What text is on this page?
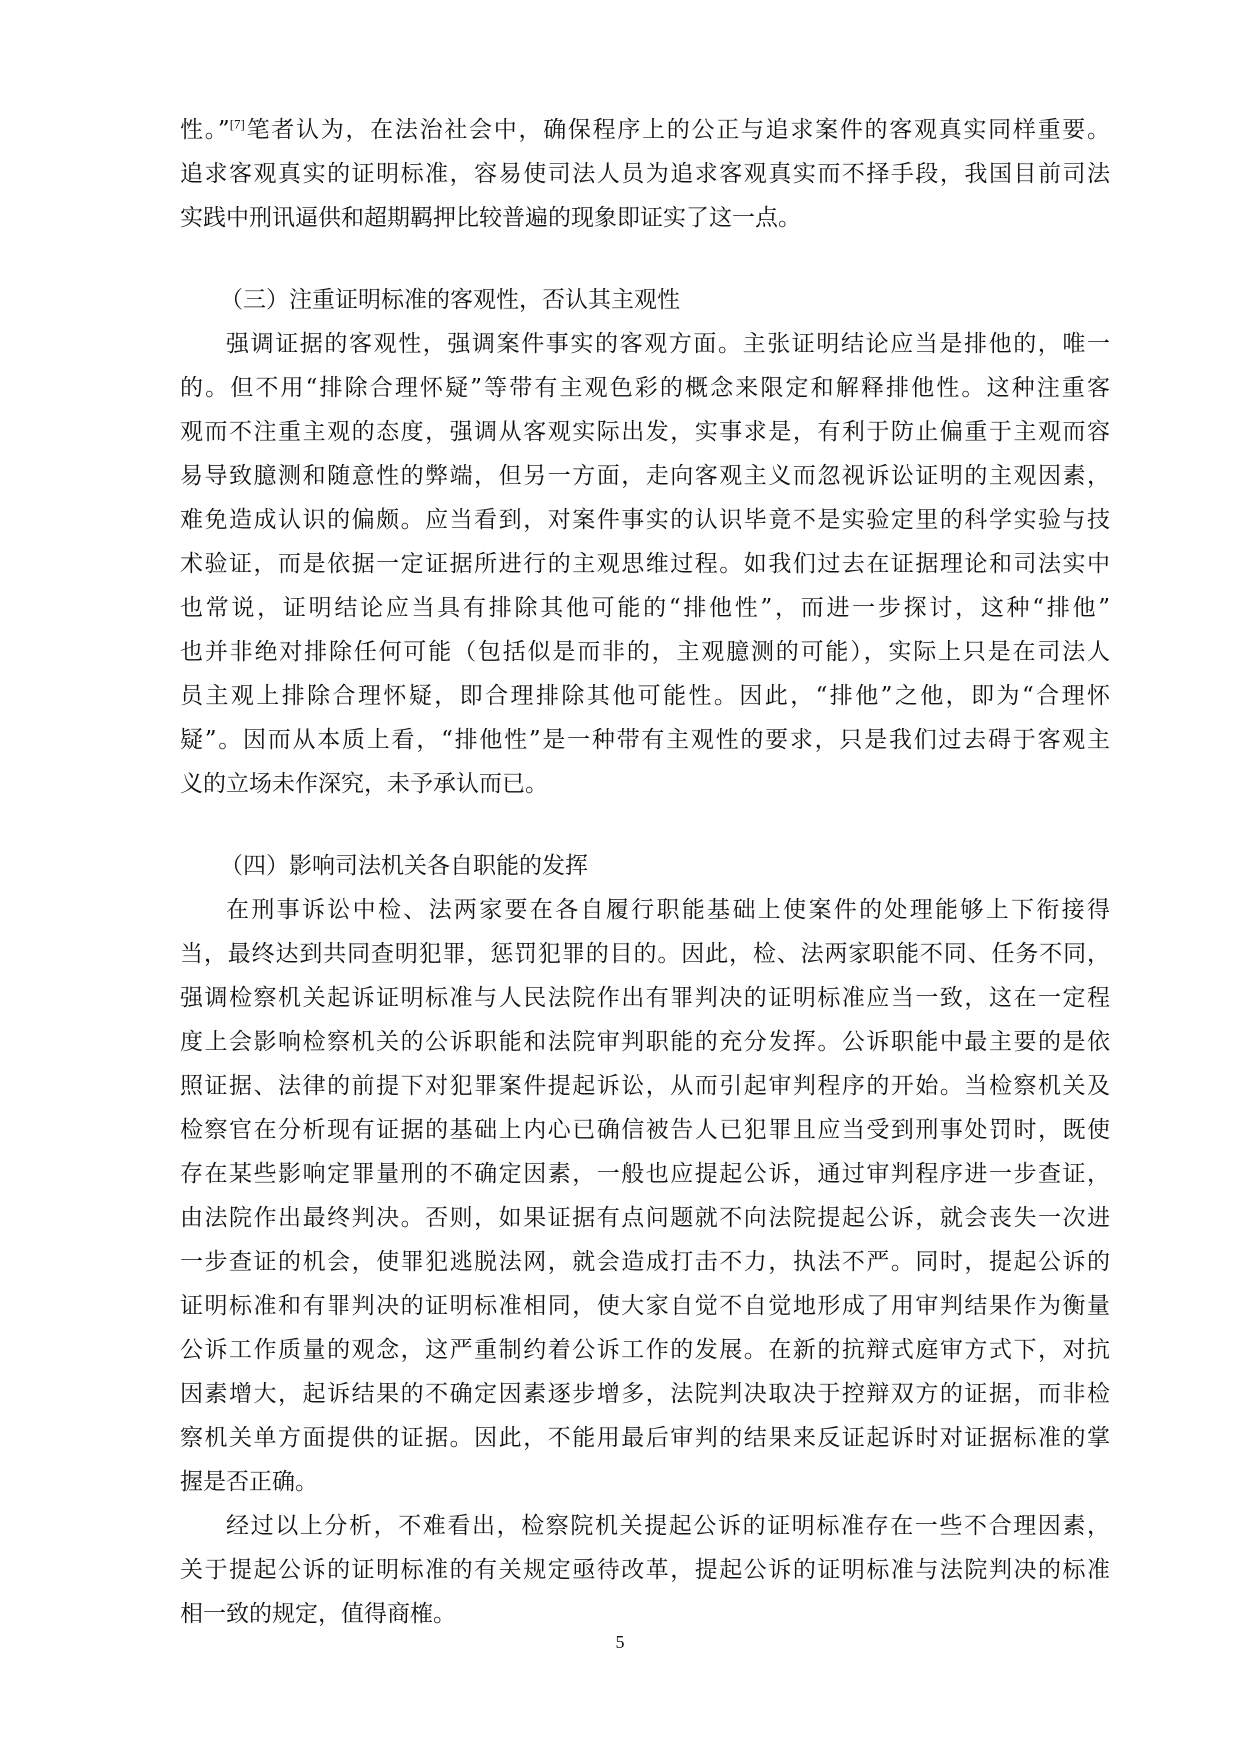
性。”[7]笔者认为，在法治社会中，确保程序上的公正与追求案件的客观真实同样重要。
追求客观真实的证明标准，容易使司法人员为追求客观真实而不择手段，我国目前司法
实践中刑讯逼供和超期羁押比较普遍的现象即证实了这一点。
（三）注重证明标准的客观性，否认其主观性
强调证据的客观性，强调案件事实的客观方面。主张证明结论应当是排他的，唯一
的。但不用“排除合理怀疑”等带有主观色彩的概念来限定和解释排他性。这种注重客
观而不注重主观的态度，强调从客观实际出发，实事求是，有利于防止偏重于主观而容
易导致臆测和随意性的弊端，但另一方面，走向客观主义而忽视诉讼证明的主观因素，
难免造成认识的偏颇。应当看到，对案件事实的认识毕竟不是实验定里的科学实验与技
术验证，而是依据一定证据所进行的主观思维过程。如我们过去在证据理论和司法实中
也常说，证明结论应当具有排除其他可能的“排他性”，而进一步探讨，这种“排他”
也并非绝对排除任何可能（包括似是而非的，主观臆测的可能），实际上只是在司法人
员主观上排除合理怀疑，即合理排除其他可能性。因此，“排他”之他，即为“合理怀
疑”。因而从本质上看，“排他性”是一种带有主观性的要求，只是我们过去碍于客观主
义的立场未作深究，未予承认而已。
（四）影响司法机关各自职能的发挥
在刑事诉讼中检、法两家要在各自履行职能基础上使案件的处理能够上下衔接得
当，最终达到共同查明犯罪，惩罚犯罪的目的。因此，检、法两家职能不同、任务不同，
强调检察机关起诉证明标准与人民法院作出有罪判决的证明标准应当一致，这在一定程
度上会影响检察机关的公诉职能和法院审判职能的充分发挥。公诉职能中最主要的是依
照证据、法律的前提下对犯罪案件提起诉讼，从而引起审判程序的开始。当检察机关及
检察官在分析现有证据的基础上内心已确信被告人已犯罪且应当受到刑事处罚时，既使
存在某些影响定罪量刑的不确定因素，一般也应提起公诉，通过审判程序进一步查证，
由法院作出最终判决。否则，如果证据有点问题就不向法院提起公诉，就会丧失一次进
一步查证的机会，使罪犯逃脱法网，就会造成打击不力，执法不严。同时，提起公诉的
证明标准和有罪判决的证明标准相同，使大家自觉不自觉地形成了用审判结果作为衡量
公诉工作质量的观念，这严重制约着公诉工作的发展。在新的抗辩式庭审方式下，对抗
因素增大，起诉结果的不确定因素逐步增多，法院判决取决于控辩双方的证据，而非检
察机关单方面提供的证据。因此，不能用最后审判的结果来反证起诉时对证据标准的掌
握是否正确。
经过以上分析，不难看出，检察院机关提起公诉的证明标准存在一些不合理因素，
关于提起公诉的证明标准的有关规定亟待改革，提起公诉的证明标准与法院判决的标准
相一致的规定，值得商榷。
5
